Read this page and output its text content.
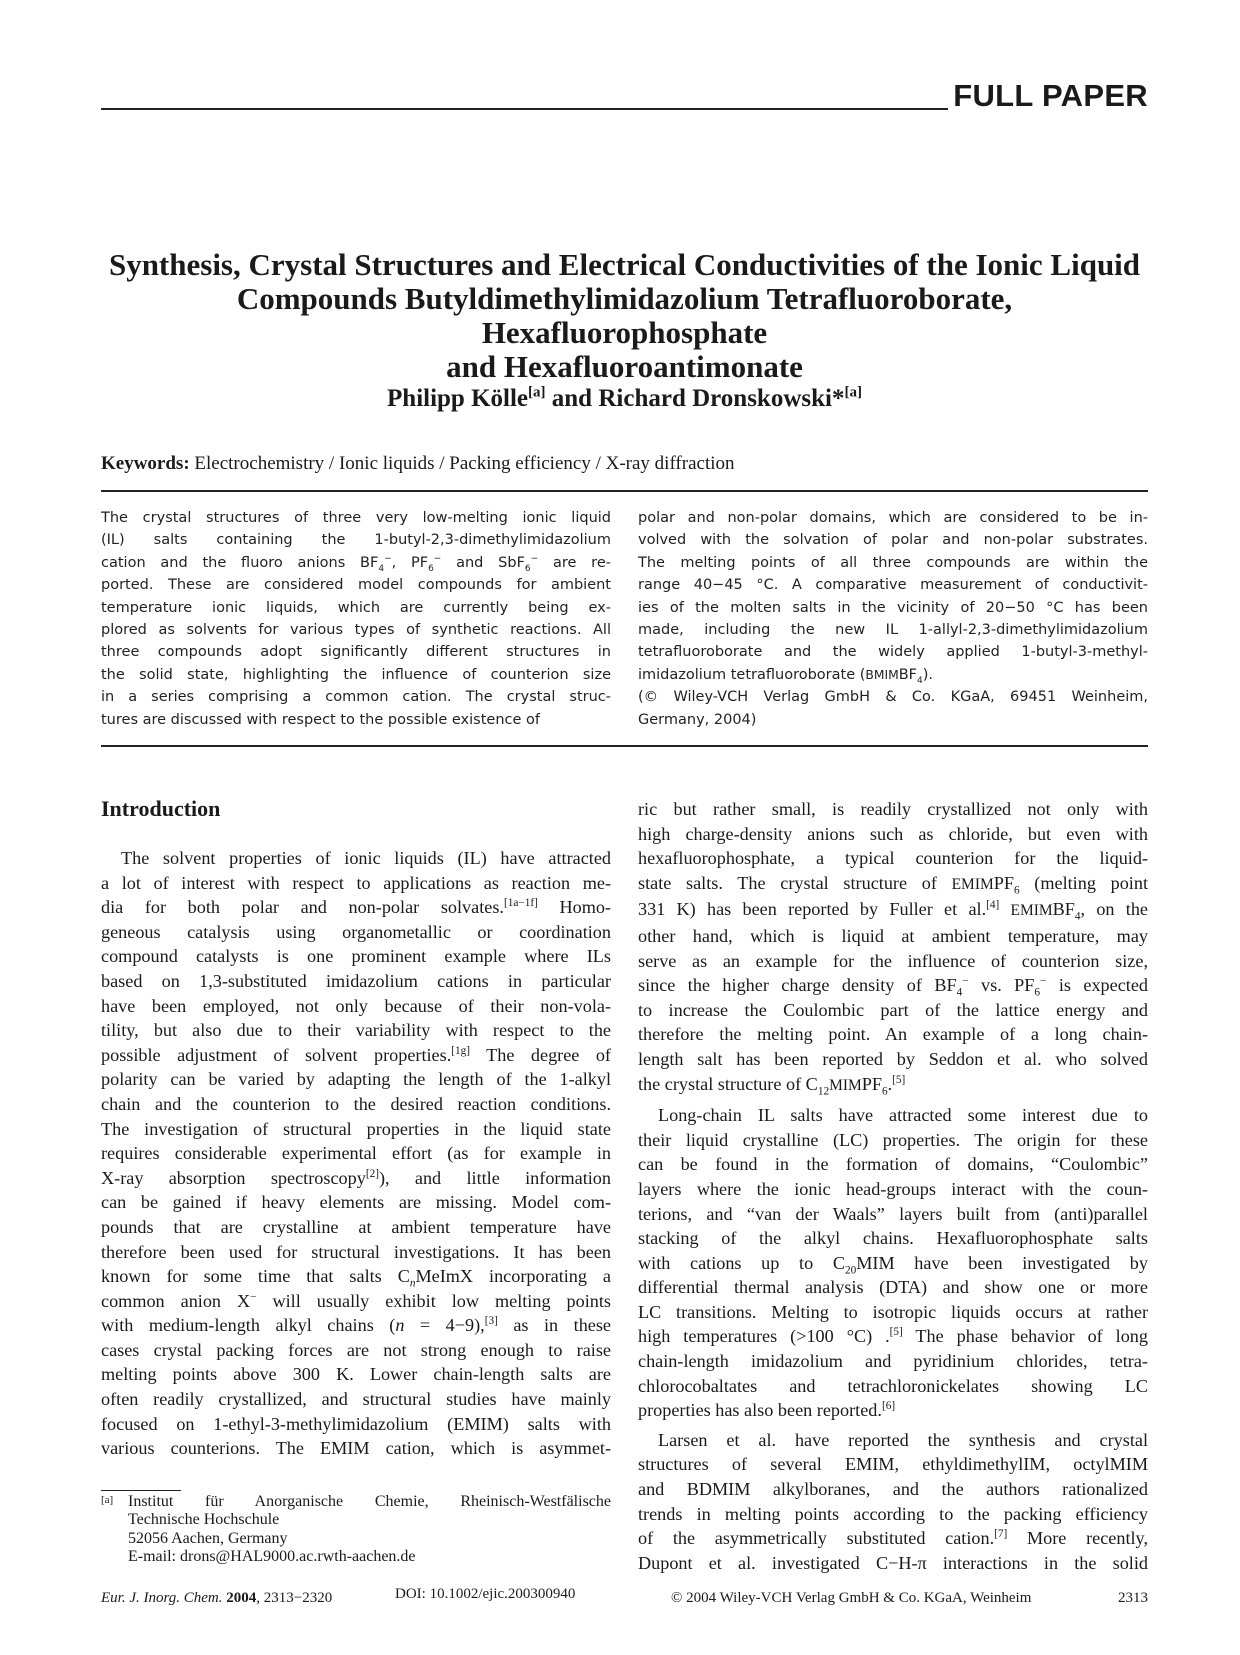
FULL PAPER
Synthesis, Crystal Structures and Electrical Conductivities of the Ionic Liquid
Compounds Butyldimethylimidazolium Tetrafluoroborate, Hexafluorophosphate
and Hexafluoroantimonate
Philipp Kölle[a] and Richard Dronskowski*[a]
Keywords: Electrochemistry / Ionic liquids / Packing efficiency / X-ray diffraction
The crystal structures of three very low-melting ionic liquid
(IL) salts containing the 1-butyl-2,3-dimethylimidazolium
cation and the fluoro anions $BF_4^-$, $PF_6^-$ and SbF$_6$− are re-
ported. These are considered model compounds for ambient
temperature ionic liquids, which are currently being ex-
plored as solvents for various types of synthetic reactions. All
three compounds adopt significantly different structures in
the solid state, highlighting the influence of counterion size
in a series comprising a common cation. The crystal struc-
tures are discussed with respect to the possible existence of
polar and non-polar domains, which are considered to be in-
volved with the solvation of polar and non-polar substrates.
The melting points of all three compounds are within the
range 40−45 °C. A comparative measurement of conductivit-
ies of the molten salts in the vicinity of 20−50 °C has been
made, including the new IL 1-allyl-2,3-dimethylimidazolium
tetrafluoroborate and the widely applied 1-butyl-3-methyl-
imidazolium tetrafluoroborate $(BMIMBF_4)$.
(© Wiley-VCH Verlag GmbH & Co. KGaA, 69451 Weinheim,
Germany, 2004)
Introduction
The solvent properties of ionic liquids (IL) have attracted
a lot of interest with respect to applications as reaction me-
dia for both polar and non-polar solvates.[1a−1f] Homo-
geneous catalysis using organometallic or coordination
compound catalysts is one prominent example where ILs
based on 1,3-substituted imidazolium cations in particular
have been employed, not only because of their non-vola-
tility, but also due to their variability with respect to the
possible adjustment of solvent properties.[1g] The degree of
polarity can be varied by adapting the length of the 1-alkyl
chain and the counterion to the desired reaction conditions.
The investigation of structural properties in the liquid state
requires considerable experimental effort (as for example in
X-ray absorption spectroscopy[2]), and little information
can be gained if heavy elements are missing. Model com-
pounds that are crystalline at ambient temperature have
therefore been used for structural investigations. It has been
known for some time that salts $C_nMeImX$ incorporating a
common anion X− will usually exhibit low melting points
with medium-length alkyl chains (n = 4−9),[3] as in these
cases crystal packing forces are not strong enough to raise
melting points above 300 K. Lower chain-length salts are
often readily crystallized, and structural studies have mainly
focused on 1-ethyl-3-methylimidazolium (EMIM) salts with
various counterions. The EMIM cation, which is asymmet-
ric but rather small, is readily crystallized not only with
high charge-density anions such as chloride, but even with
hexafluorophosphate, a typical counterion for the liquid-
state salts. The crystal structure of $EMIMPF_6$ (melting point
331 K) has been reported by Fuller et al.[4] $EMIMBF_4$, on the
other hand, which is liquid at ambient temperature, may
serve as an example for the influence of counterion size,
since the higher charge density of $BF_4^-$ vs. $PF_6^-$ is expected
to increase the Coulombic part of the lattice energy and
therefore the melting point. An example of a long chain-
length salt has been reported by Seddon et al. who solved
the crystal structure of $C_{12}MIMPF_6.[5]$
Long-chain IL salts have attracted some interest due to
their liquid crystalline (LC) properties. The origin for these
can be found in the formation of domains, “Coulombic”
layers where the ionic head-groups interact with the coun-
terions, and “van der Waals” layers built from (anti)parallel
stacking of the alkyl chains. Hexafluorophosphate salts
with cations up to $C_{20}MIM$ have been investigated by
differential thermal analysis (DTA) and show one or more
LC transitions. Melting to isotropic liquids occurs at rather
high temperatures (>100 °C) .[5] The phase behavior of long
chain-length imidazolium and pyridinium chlorides, tetra-
chlorocobaltates and tetrachloronickelates showing LC
properties has also been reported.[6]
Larsen et al. have reported the synthesis and crystal
structures of several EMIM, ethyldimethylIM, octylMIM
and BDMIM alkylboranes, and the authors rationalized
trends in melting points according to the packing efficiency
of the asymmetrically substituted cation.[7] More recently,
Dupont et al. investigated C−H-π interactions in the solid
[a] Institut für Anorganische Chemie, Rheinisch-Westfälische
Technische Hochschule
52056 Aachen, Germany
E-mail: drons@HAL9000.ac.rwth-aachen.de
Eur. J. Inorg. Chem. 2004, 2313−2320	DOI: 10.1002/ejic.200300940	© 2004 Wiley-VCH Verlag GmbH & Co. KGaA, Weinheim	2313
